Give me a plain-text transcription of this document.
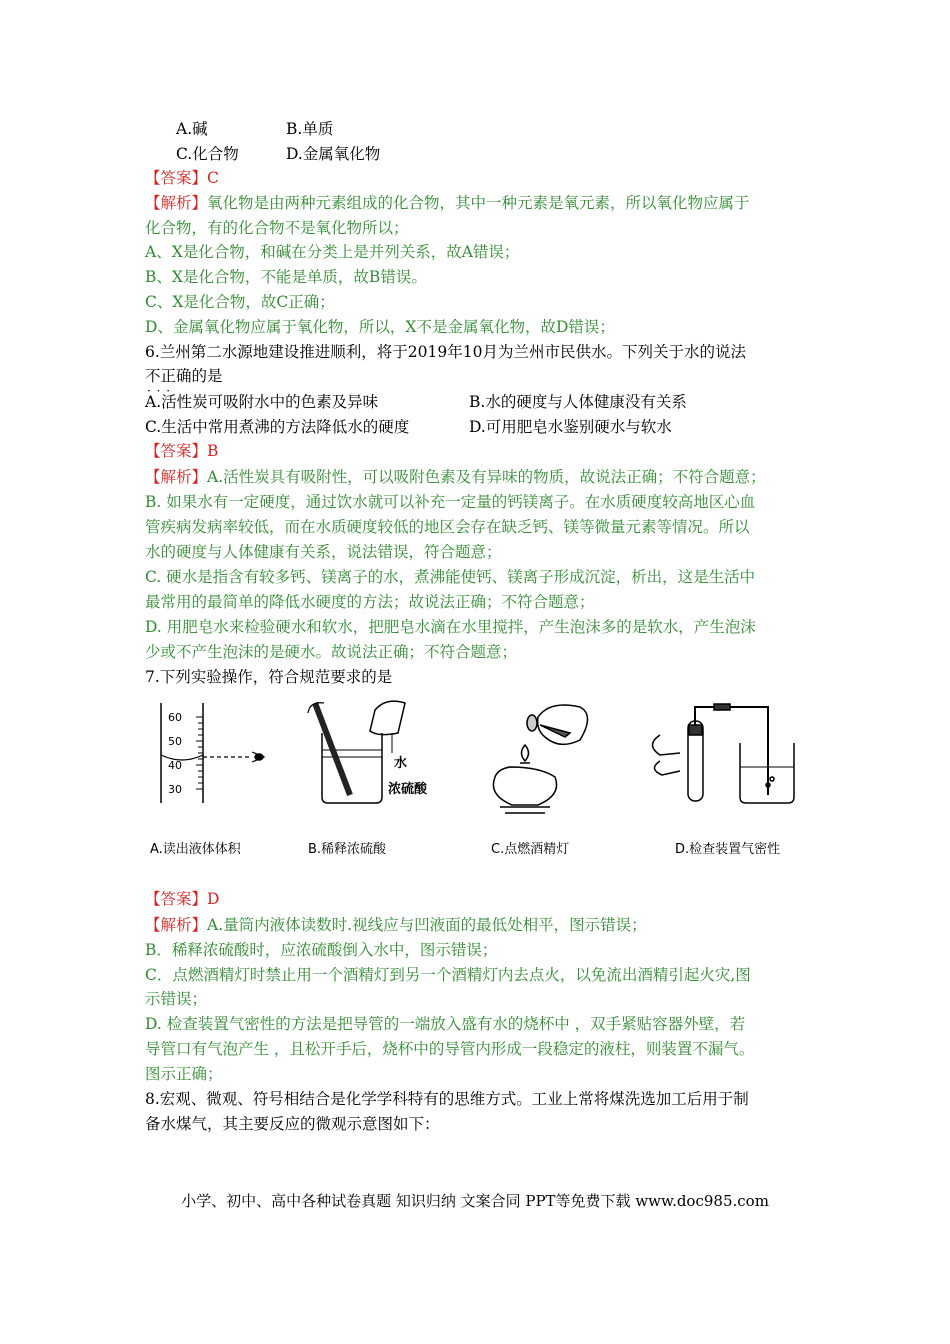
A.碱	B.单质
C.化合物	D.金属氧化物
【答案】C
【解析】氧化物是由两种元素组成的化合物，其中一种元素是氧元素，所以氧化物应属于
化合物，有的化合物不是氧化物所以；
A、X是化合物，和碱在分类上是并列关系，故A错误；
B、X是化合物，不能是单质，故B错误。
C、X是化合物，故C正确；
D、金属氧化物应属于氧化物，所以，X不是金属氧化物，故D错误；
6.兰州第二水源地建设推进顺利，将于2019年10月为兰州市民供水。下列关于水的说法
不正确 · · ·的是
A.活性炭可吸附水中的色素及异味	B.水的硬度与人体健康没有关系
C.生活中常用煮沸的方法降低水的硬度	D.可用肥皂水鉴别硬水与软水
【答案】B
【解析】A.活性炭具有吸附性，可以吸附色素及有异味的物质，故说法正确；不符合题意；
B. 如果水有一定硬度，通过饮水就可以补充一定量的钙镁离子。在水质硬度较高地区心血
管疾病发病率较低，而在水质硬度较低的地区会存在缺乏钙、镁等微量元素等情况。所以
水的硬度与人体健康有关系，说法错误，符合题意；
C. 硬水是指含有较多钙、镁离子的水，煮沸能使钙、镁离子形成沉淀，析出，这是生活中
最常用的最简单的降低水硬度的方法；故说法正确；不符合题意；
D. 用肥皂水来检验硬水和软水，把肥皂水滴在水里搅拌，产生泡沫多的是软水，产生泡沫
少或不产生泡沫的是硬水。故说法正确；不符合题意；
7.下列实验操作，符合规范要求的是
60
50
40
30
水
浓硫酸
A.读出液体体积	B.稀释浓硫酸	C.点燃酒精灯	D.检查装置气密性
【答案】D
【解析】A.量筒内液体读数时.视线应与凹液面的最低处相平，图示错误；
B．稀释浓硫酸时，应浓硫酸倒入水中，图示错误；
C．点燃酒精灯时禁止用一个酒精灯到另一个酒精灯内去点火，以免流出酒精引起火灾,图
示错误；
D. 检查装置气密性的方法是把导管的一端放入盛有水的烧杯中 ，双手紧贴容器外壁，若
导管口有气泡产生 ，且松开手后，烧杯中的导管内形成一段稳定的液柱，则装置不漏气。
图示正确；
8.宏观、微观、符号相结合是化学学科特有的思维方式。工业上常将煤洗选加工后用于制
备水煤气，其主要反应的微观示意图如下：
小学、初中、高中各种试卷真题 知识归纳 文案合同 PPT等免费下载 www.doc985.com
